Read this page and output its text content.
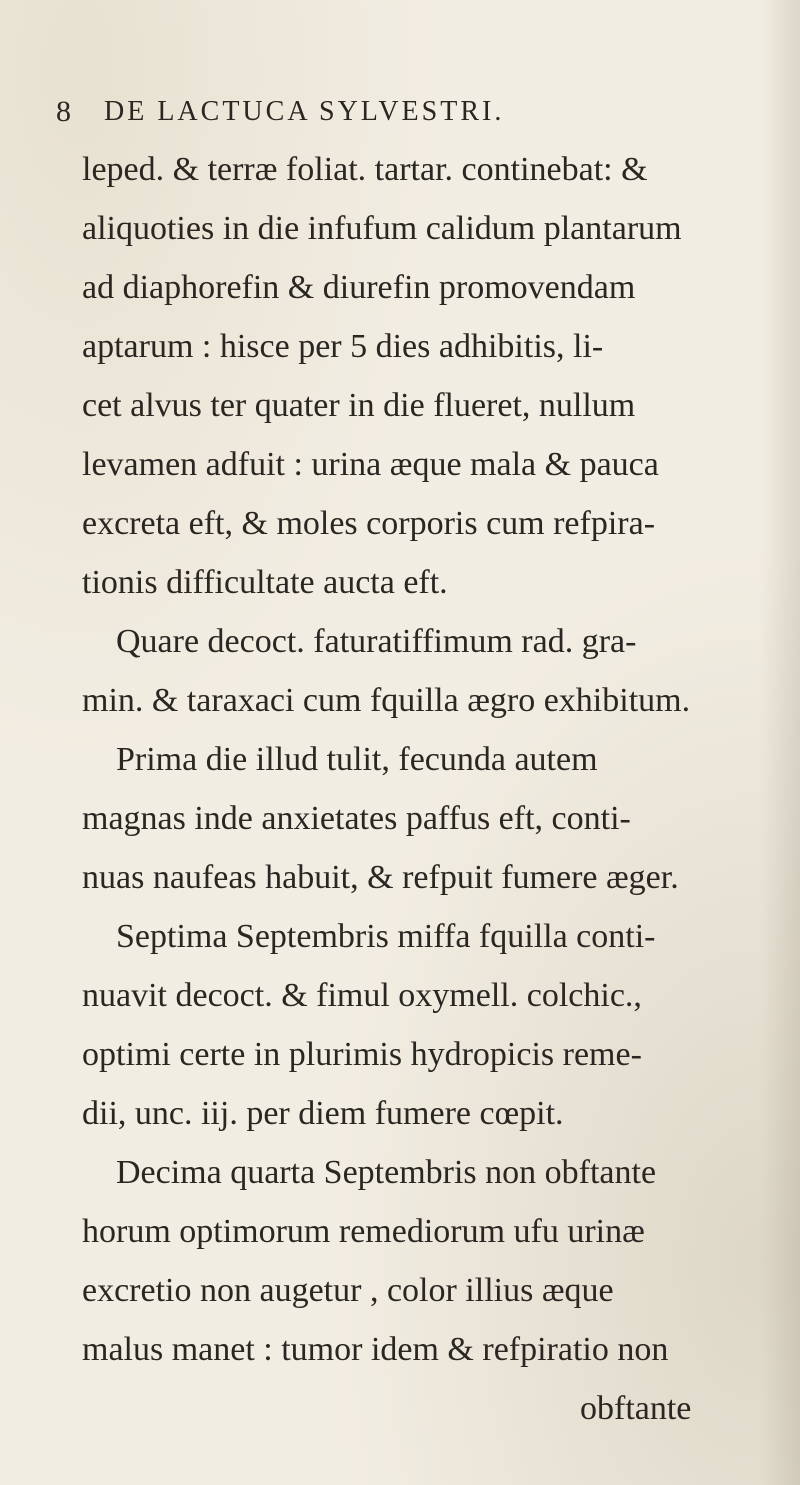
8 DE LACTUCA SYLVESTRI.
leped. & terræ foliat. tartar. continebat: &
aliquoties in die infufum calidum plantarum
ad diaphorefin & diurefin promovendam
aptarum : hisce per 5 dies adhibitis, li-
cet alvus ter quater in die flueret, nullum
levamen adfuit : urina æque mala & pauca
excreta eft, & moles corporis cum refpira-
tionis difficultate aucta eft.
Quare decoct. faturatiffimum rad. gra-
min. & taraxaci cum fquilla ægro exhibitum.
Prima die illud tulit, fecunda autem
magnas inde anxietates paffus eft, conti-
nuas naufeas habuit, & refpuit fumere æger.
Septima Septembris miffa fquilla conti-
nuavit decoct. & fimul oxymell. colchic.,
optimi certe in plurimis hydropicis reme-
dii, unc. iij. per diem fumere cœpit.
Decima quarta Septembris non obftante
horum optimorum remediorum ufu urinæ
excretio non augetur , color illius æque
malus manet : tumor idem & refpiratio non
obftante
